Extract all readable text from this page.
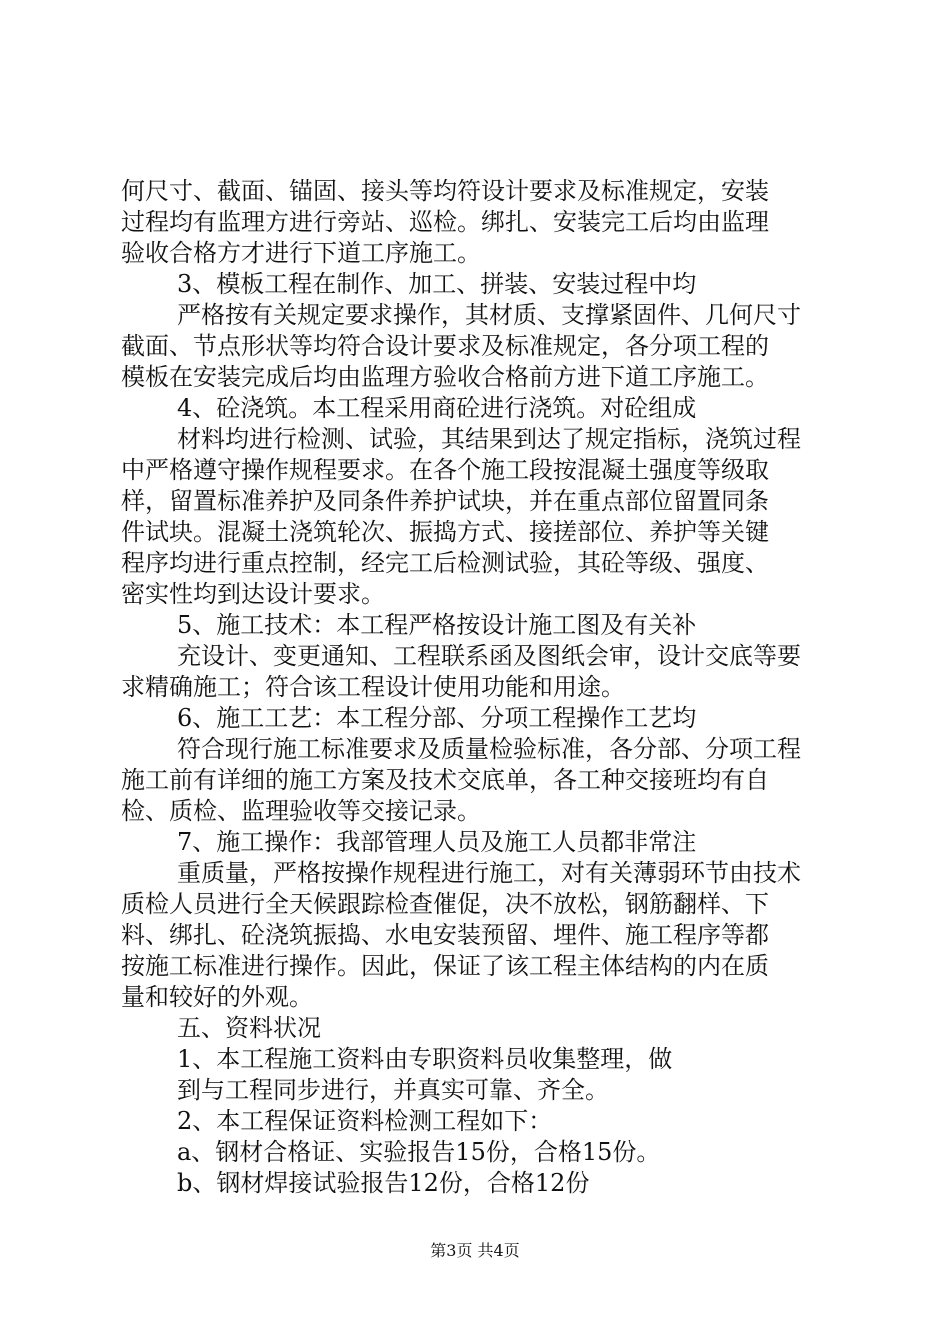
何尺寸、截面、锚固、接头等均符设计要求及标准规定，安装
过程均有监理方进行旁站、巡检。绑扎、安装完工后均由监理
验收合格方才进行下道工序施工。
3、模板工程在制作、加工、拼装、安装过程中均
严格按有关规定要求操作，其材质、支撑紧固件、几何尺寸
截面、节点形状等均符合设计要求及标准规定，各分项工程的
模板在安装完成后均由监理方验收合格前方进下道工序施工。
4、砼浇筑。本工程采用商砼进行浇筑。对砼组成
材料均进行检测、试验，其结果到达了规定指标，浇筑过程
中严格遵守操作规程要求。在各个施工段按混凝土强度等级取
样，留置标准养护及同条件养护试块，并在重点部位留置同条
件试块。混凝土浇筑轮次、振捣方式、接搓部位、养护等关键
程序均进行重点控制，经完工后检测试验，其砼等级、强度、
密实性均到达设计要求。
5、施工技术：本工程严格按设计施工图及有关补
充设计、变更通知、工程联系函及图纸会审，设计交底等要
求精确施工；符合该工程设计使用功能和用途。
6、施工工艺：本工程分部、分项工程操作工艺均
符合现行施工标准要求及质量检验标准，各分部、分项工程
施工前有详细的施工方案及技术交底单，各工种交接班均有自
检、质检、监理验收等交接记录。
7、施工操作：我部管理人员及施工人员都非常注
重质量，严格按操作规程进行施工，对有关薄弱环节由技术
质检人员进行全天候跟踪检查催促，决不放松，钢筋翻样、下
料、绑扎、砼浇筑振捣、水电安装预留、埋件、施工程序等都
按施工标准进行操作。因此，保证了该工程主体结构的内在质
量和较好的外观。
五、资料状况
1、本工程施工资料由专职资料员收集整理，做
到与工程同步进行，并真实可靠、齐全。
2、本工程保证资料检测工程如下：
a、钢材合格证、实验报告15份，合格15份。
b、钢材焊接试验报告12份，合格12份
第3页 共4页
